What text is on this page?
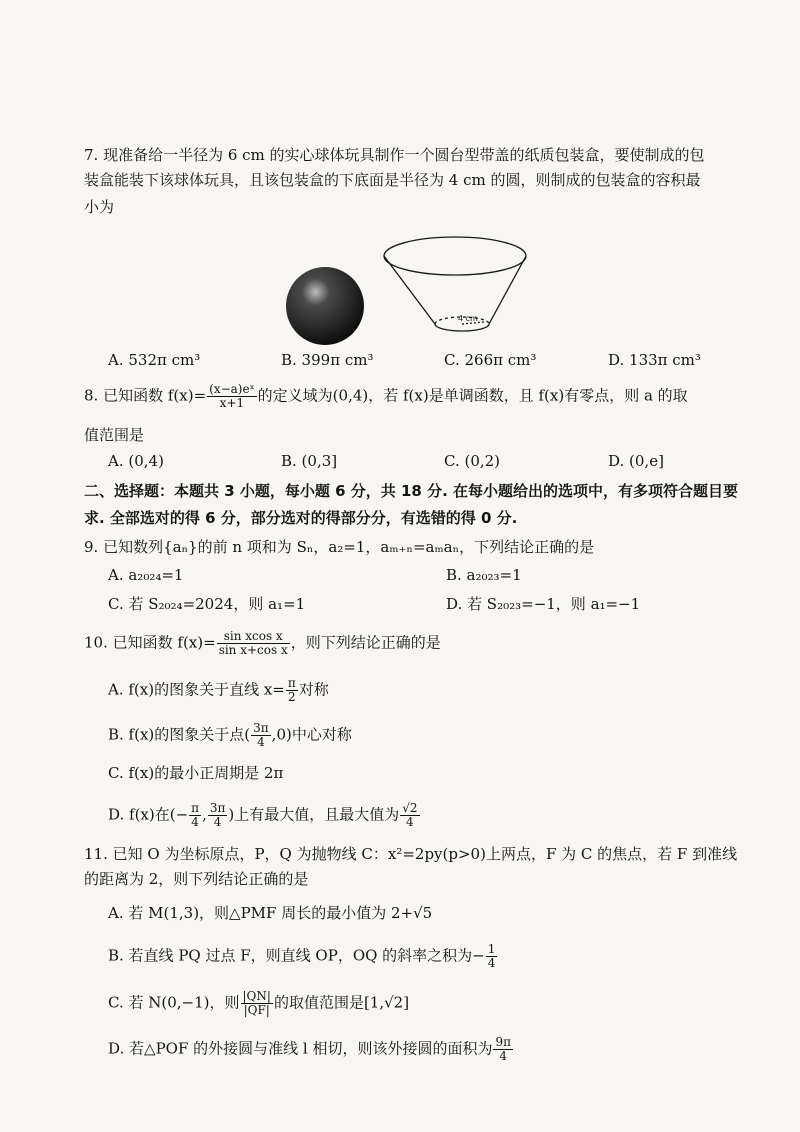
7. 现准备给一半径为 6 cm 的实心球体玩具制作一个圆台型带盖的纸质包装盒，要使制成的包
装盒能装下该球体玩具，且该包装盒的下底面是半径为 4 cm 的圆，则制成的包装盒的容积最
小为
4 cm
A. 532π cm³	B. 399π cm³	C. 266π cm³	D. 133π cm³
8. 已知函数 $f(x)= \frac{\text{(x−a)eˣ}}{x+1}$ 的定义域为(0,4)，若 f(x)是单调函数，且 f(x)有零点，则 a 的取
值范围是
A. (0,4)	B. (0,3]	C. (0,2)	D. (0,e]
二、选择题：本题共 3 小题，每小题 6 分，共 18 分. 在每小题给出的选项中，有多项符合题目要
求. 全部选对的得 6 分，部分选对的得部分分，有选错的得 0 分.
9. 已知数列{aₙ}的前 n 项和为 Sₙ，a₂=1，aₘ₊ₙ=aₘaₙ，下列结论正确的是
A. a₂₀₂₄=1	B. a₂₀₂₃=1
C. 若 S₂₀₂₄=2024，则 a₁=1	D. 若 S₂₀₂₃=−1，则 a₁=−1
10. 已知函数 $f(x)= \frac{\text{sin xcos x}}{\text{sin x+cos x}}$ ，则下列结论正确的是
A. f(x)的图象关于直线 $x= \frac{\pi}{2}$ 对称
B. f(x)的图象关于点( $\frac{3\pi}{4} ,0$)中心对称
C. f(x)的最小正周期是 2π
D. f(x)在(− $\frac{\pi}{4}$ , $\frac{3\pi}{4}$ )上有最大值，且最大值为 $\frac{√2}{4}$
11. 已知 O 为坐标原点，P，Q 为抛物线 C：x²=2py(p>0)上两点，F 为 C 的焦点，若 F 到准线
的距离为 2，则下列结论正确的是
A. 若 M(1,3)，则△PMF 周长的最小值为 2+√5
B. 若直线 PQ 过点 F，则直线 OP，OQ 的斜率之积为− $\frac{1}{4}$
C. 若 N(0,−1)，则 $\frac{|QN|}{|QF|}$ 的取值范围是[1,√2]
D. 若△POF 的外接圆与准线 l 相切，则该外接圆的面积为 $\frac{9\pi}{4}$
